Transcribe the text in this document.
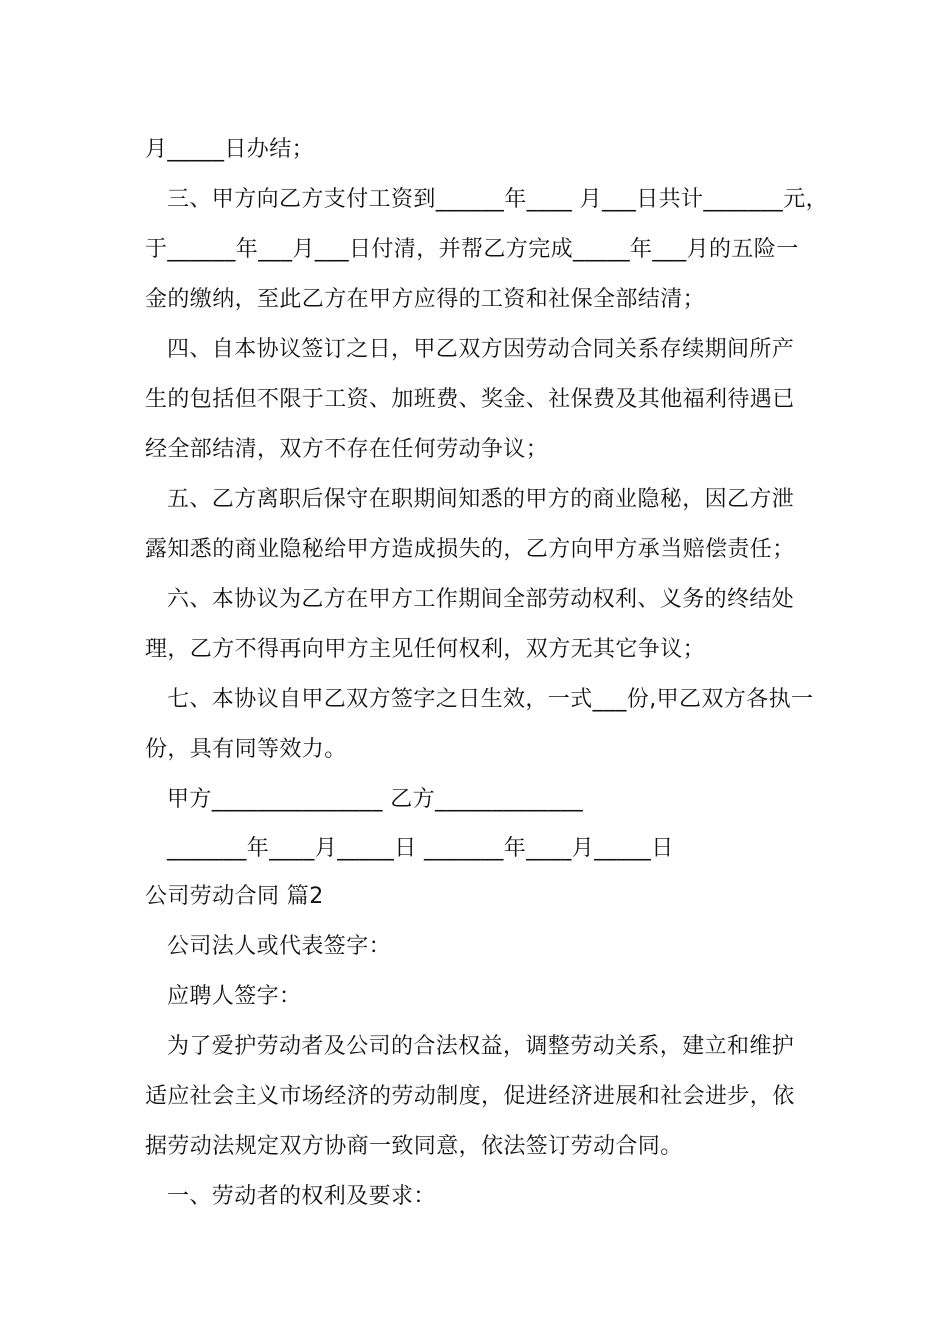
月_____日办结；
三、甲方向乙方支付工资到______年____ 月___日共计_______元，
于______年___月___日付清，并帮乙方完成_____年___月的五险一
金的缴纳，至此乙方在甲方应得的工资和社保全部结清；
四、自本协议签订之日，甲乙双方因劳动合同关系存续期间所产
生的包括但不限于工资、加班费、奖金、社保费及其他福利待遇已
经全部结清，双方不存在任何劳动争议；
五、乙方离职后保守在职期间知悉的甲方的商业隐秘，因乙方泄
露知悉的商业隐秘给甲方造成损失的，乙方向甲方承当赔偿责任；
六、本协议为乙方在甲方工作期间全部劳动权利、义务的终结处
理，乙方不得再向甲方主见任何权利，双方无其它争议；
七、本协议自甲乙双方签字之日生效，一式___份,甲乙双方各执一
份，具有同等效力。
甲方_______________ 乙方_____________
_______年____月_____日 _______年____月_____日
公司劳动合同 篇2
公司法人或代表签字：
应聘人签字：
为了爱护劳动者及公司的合法权益，调整劳动关系，建立和维护
适应社会主义市场经济的劳动制度，促进经济进展和社会进步，依
据劳动法规定双方协商一致同意，依法签订劳动合同。
一、劳动者的权利及要求：
